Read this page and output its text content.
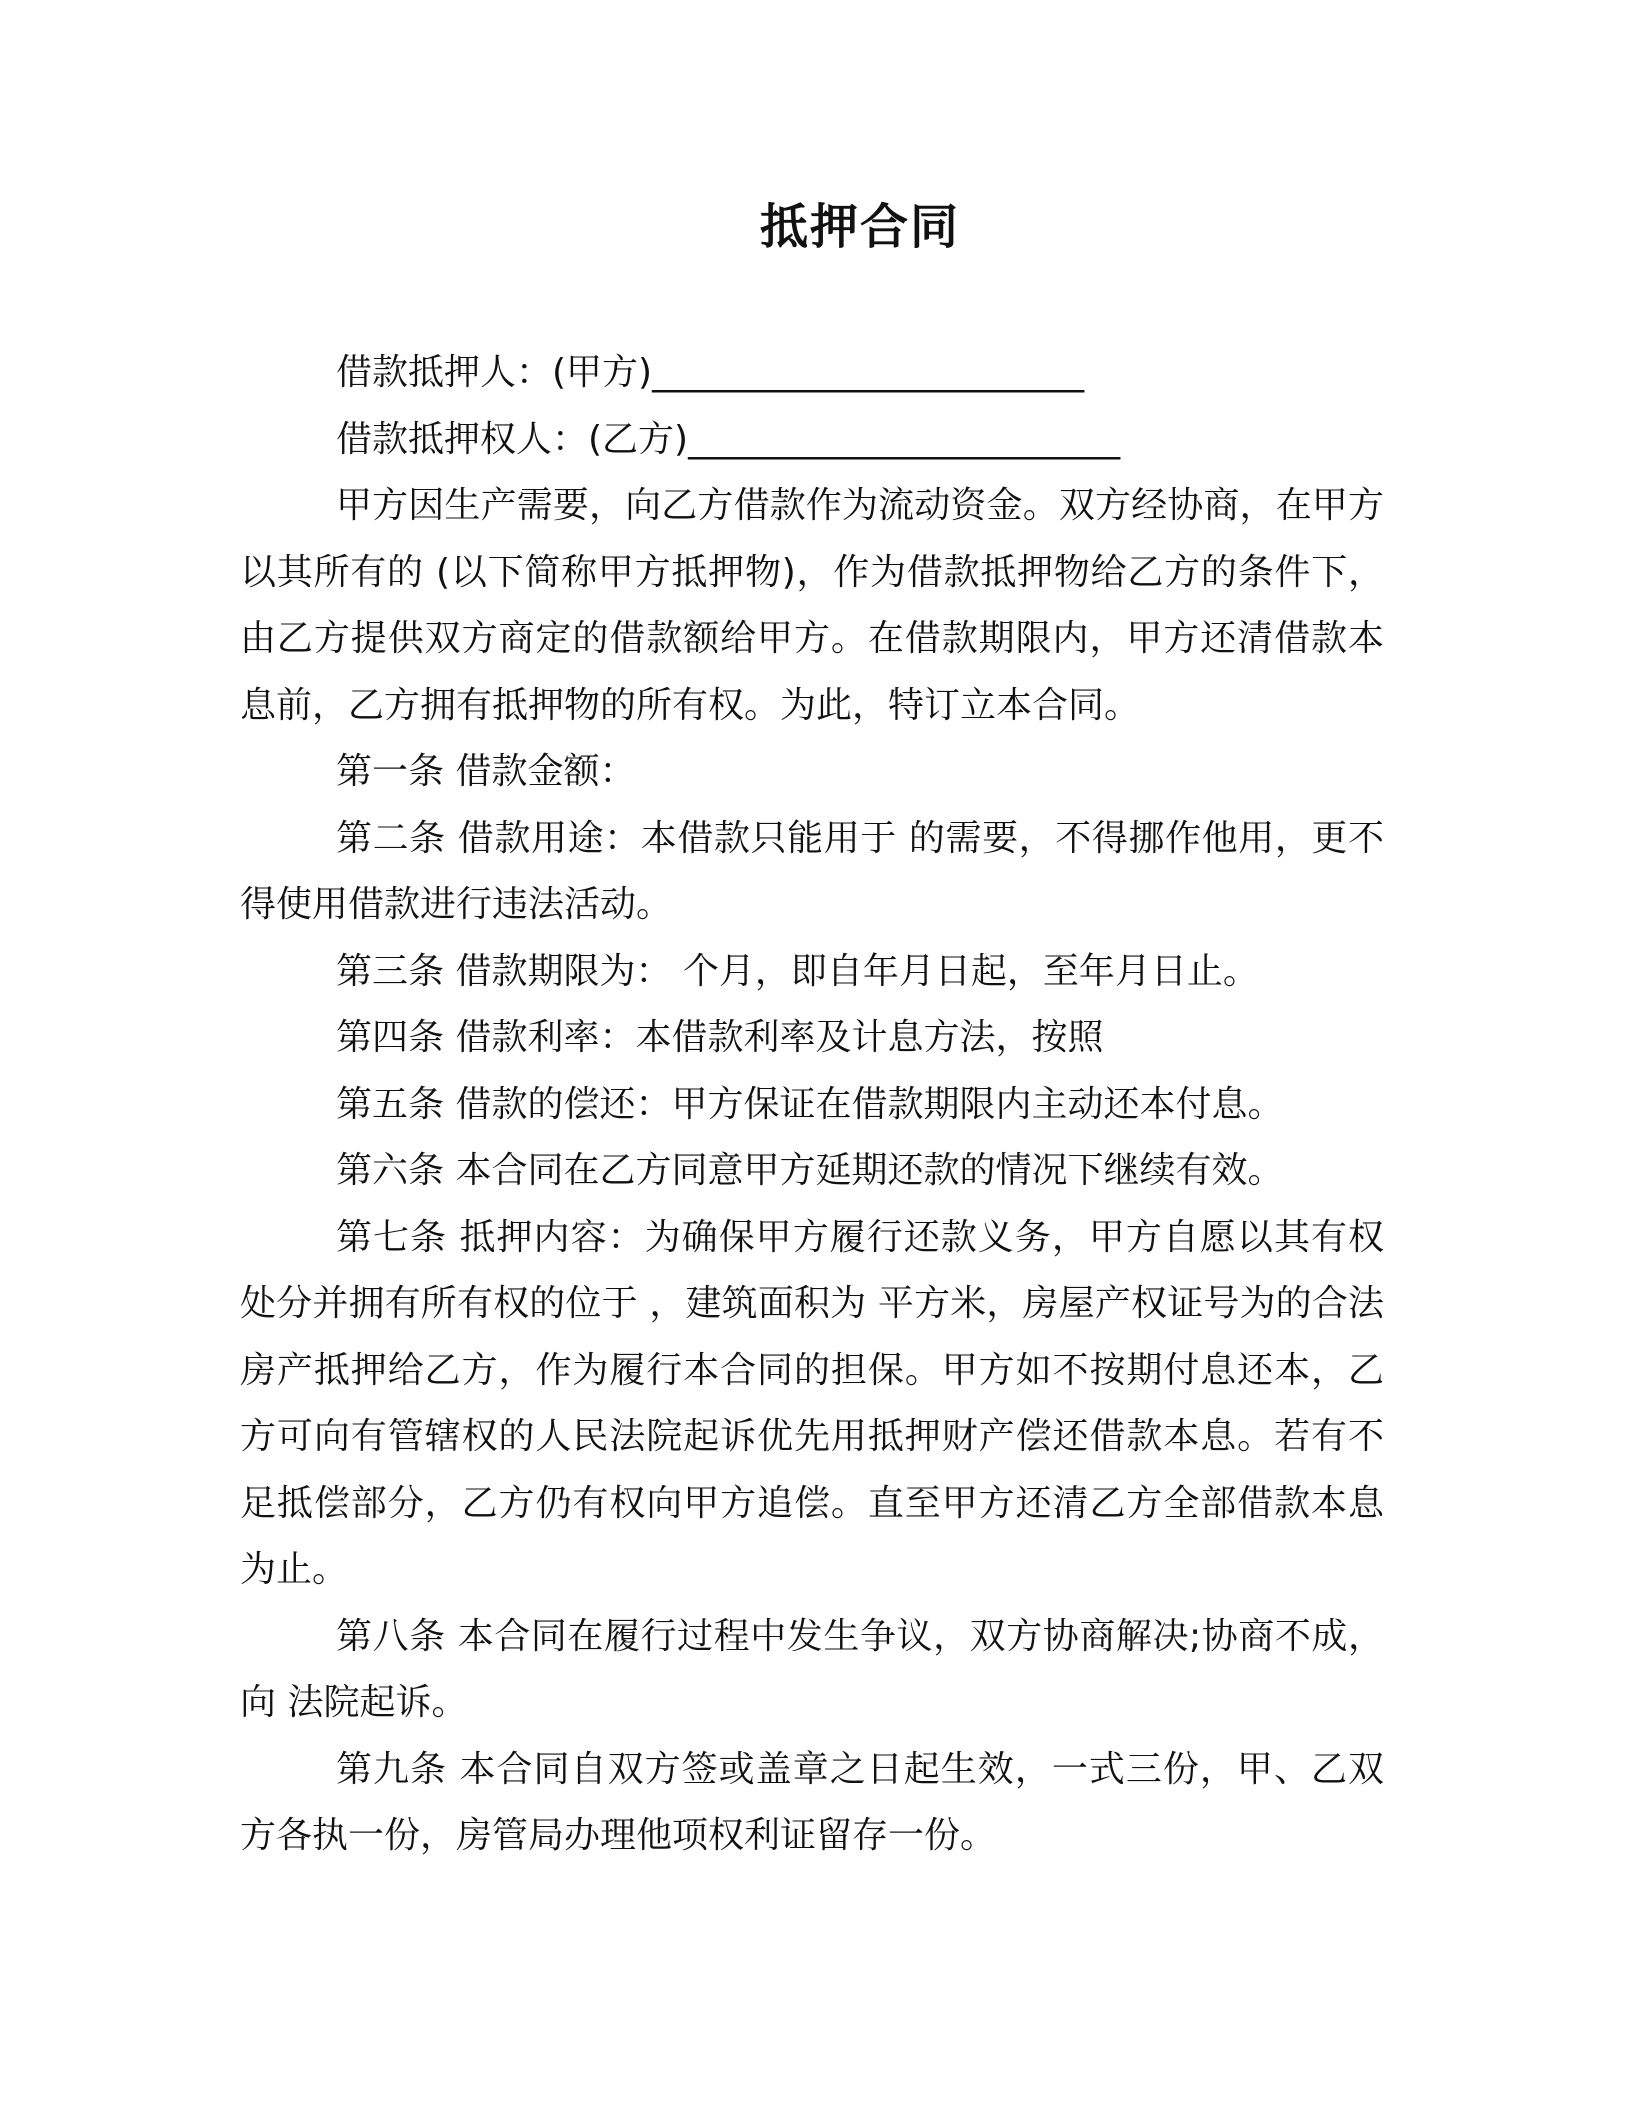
抵押合同

借款抵押人：(甲方)________________________

借款抵押权人：(乙方)________________________

甲方因生产需要，向乙方借款作为流动资金。双方经协商，在甲方以其所有的 (以下简称甲方抵押物)，作为借款抵押物给乙方的条件下，由乙方提供双方商定的借款额给甲方。在借款期限内，甲方还清借款本息前，乙方拥有抵押物的所有权。为此，特订立本合同。

第一条 借款金额：

第二条 借款用途：本借款只能用于 的需要，不得挪作他用，更不得使用借款进行违法活动。

第三条 借款期限为： 个月，即自年月日起，至年月日止。

第四条 借款利率：本借款利率及计息方法，按照

第五条 借款的偿还：甲方保证在借款期限内主动还本付息。

第六条 本合同在乙方同意甲方延期还款的情况下继续有效。

第七条 抵押内容：为确保甲方履行还款义务，甲方自愿以其有权处分并拥有所有权的位于 ，建筑面积为 平方米，房屋产权证号为的合法房产抵押给乙方，作为履行本合同的担保。甲方如不按期付息还本，乙方可向有管辖权的人民法院起诉优先用抵押财产偿还借款本息。若有不足抵偿部分，乙方仍有权向甲方追偿。直至甲方还清乙方全部借款本息为止。

第八条 本合同在履行过程中发生争议，双方协商解决;协商不成，向 法院起诉。

第九条 本合同自双方签或盖章之日起生效，一式三份，甲、乙双方各执一份，房管局办理他项权利证留存一份。
